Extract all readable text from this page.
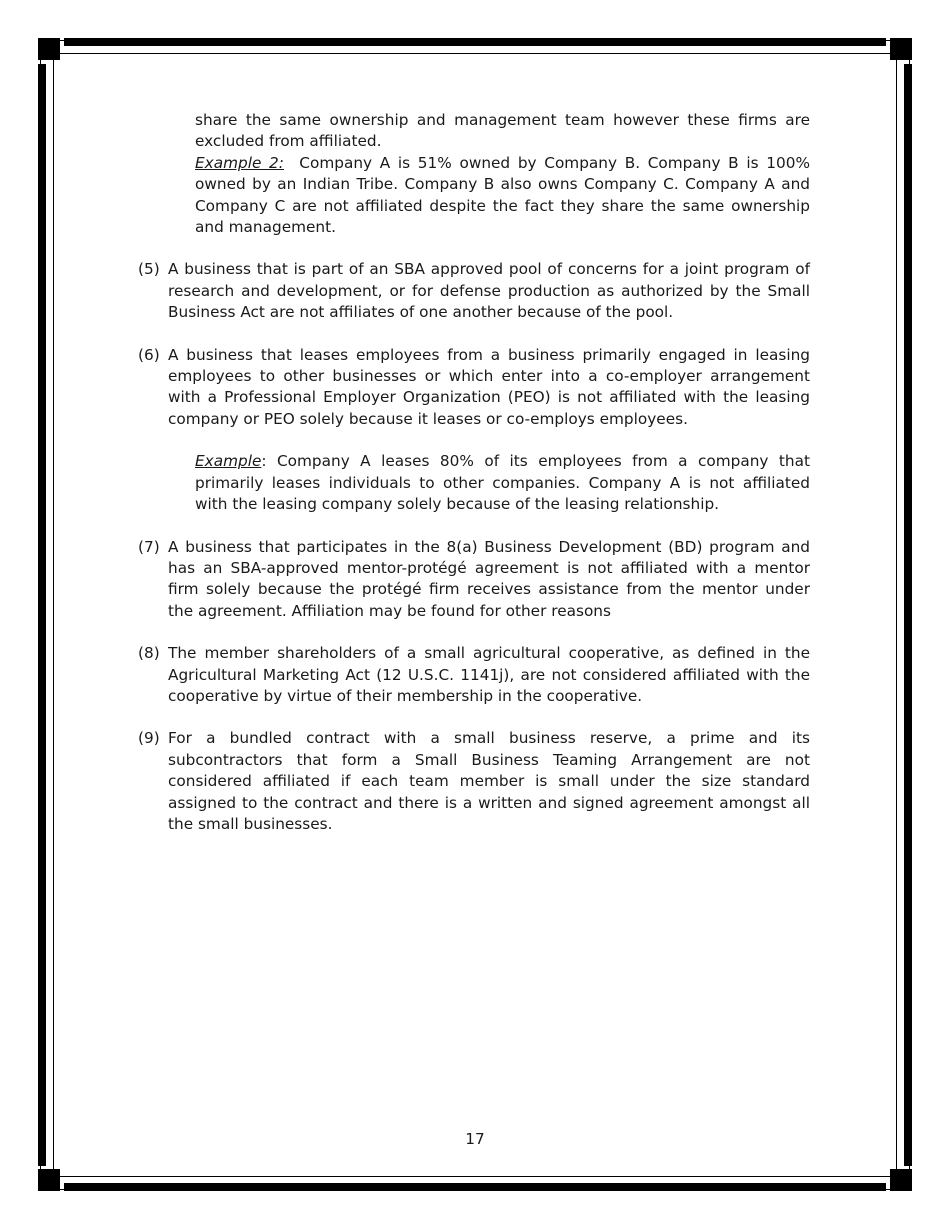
share the same ownership and management team however these firms are excluded from affiliated.
Example 2: Company A is 51% owned by Company B. Company B is 100% owned by an Indian Tribe. Company B also owns Company C. Company A and Company C are not affiliated despite the fact they share the same ownership and management.
(5) A business that is part of an SBA approved pool of concerns for a joint program of research and development, or for defense production as authorized by the Small Business Act are not affiliates of one another because of the pool.
(6) A business that leases employees from a business primarily engaged in leasing employees to other businesses or which enter into a co-employer arrangement with a Professional Employer Organization (PEO) is not affiliated with the leasing company or PEO solely because it leases or co-employs employees.
Example: Company A leases 80% of its employees from a company that primarily leases individuals to other companies. Company A is not affiliated with the leasing company solely because of the leasing relationship.
(7) A business that participates in the 8(a) Business Development (BD) program and has an SBA-approved mentor-protégé agreement is not affiliated with a mentor firm solely because the protégé firm receives assistance from the mentor under the agreement. Affiliation may be found for other reasons
(8) The member shareholders of a small agricultural cooperative, as defined in the Agricultural Marketing Act (12 U.S.C. 1141j), are not considered affiliated with the cooperative by virtue of their membership in the cooperative.
(9) For a bundled contract with a small business reserve, a prime and its subcontractors that form a Small Business Teaming Arrangement are not considered affiliated if each team member is small under the size standard assigned to the contract and there is a written and signed agreement amongst all the small businesses.
17
